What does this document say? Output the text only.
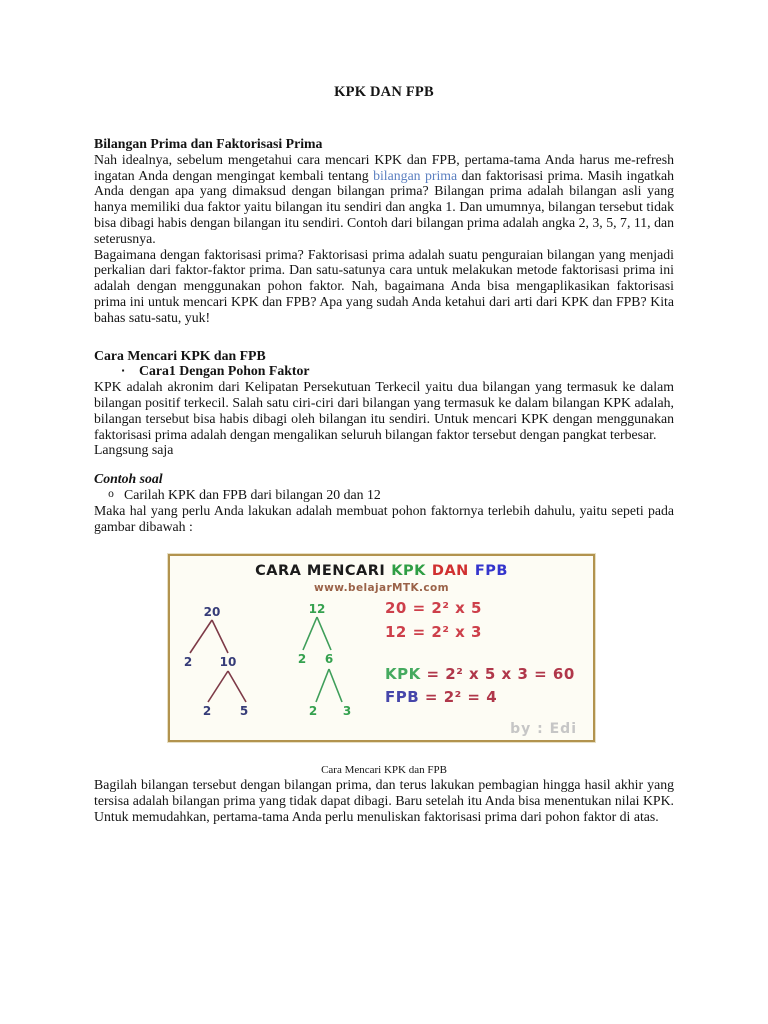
KPK DAN FPB
Bilangan Prima dan Faktorisasi Prima

Nah idealnya, sebelum mengetahui cara mencari KPK dan FPB, pertama-tama Anda harus me-refresh ingatan Anda dengan mengingat kembali tentang bilangan prima dan faktorisasi prima. Masih ingatkah Anda dengan apa yang dimaksud dengan bilangan prima? Bilangan prima adalah bilangan asli yang hanya memiliki dua faktor yaitu bilangan itu sendiri dan angka 1. Dan umumnya, bilangan tersebut tidak bisa dibagi habis dengan bilangan itu sendiri. Contoh dari bilangan prima adalah angka 2, 3, 5, 7, 11, dan seterusnya.

Bagaimana dengan faktorisasi prima? Faktorisasi prima adalah suatu penguraian bilangan yang menjadi perkalian dari faktor-faktor prima. Dan satu-satunya cara untuk melakukan metode faktorisasi prima ini adalah dengan menggunakan pohon faktor. Nah, bagaimana Anda bisa mengaplikasikan faktorisasi prima ini untuk mencari KPK dan FPB? Apa yang sudah Anda ketahui dari arti dari KPK dan FPB? Kita bahas satu-satu, yuk!

Cara Mencari KPK dan FPB
▪ Cara1 Dengan Pohon Faktor

KPK adalah akronim dari Kelipatan Persekutuan Terkecil yaitu dua bilangan yang termasuk ke dalam bilangan positif terkecil. Salah satu ciri-ciri dari bilangan yang termasuk ke dalam bilangan KPK adalah, bilangan tersebut bisa habis dibagi oleh bilangan itu sendiri. Untuk mencari KPK dengan menggunakan faktorisasi prima adalah dengan mengalikan seluruh bilangan faktor tersebut dengan pangkat terbesar.

Langsung saja

Contoh soal
o Carilah KPK dan FPB dari bilangan 20 dan 12

Maka hal yang perlu Anda lakukan adalah membuat pohon faktornya terlebih dahulu, yaitu sepeti pada gambar dibawah :

CARA MENCARI KPK DAN FPB
www.belajarMTK.com
20
2 10
2 5
12
2 6
2 3
20 = 2² x 5
12 = 2² x 3
KPK = 2² x 5 x 3 = 60
FPB = 2² = 4
by : Edi
Cara Mencari KPK dan FPB

Bagilah bilangan tersebut dengan bilangan prima, dan terus lakukan pembagian hingga hasil akhir yang tersisa adalah bilangan prima yang tidak dapat dibagi. Baru setelah itu Anda bisa menentukan nilai KPK. Untuk memudahkan, pertama-tama Anda perlu menuliskan faktorisasi prima dari pohon faktor di atas.
